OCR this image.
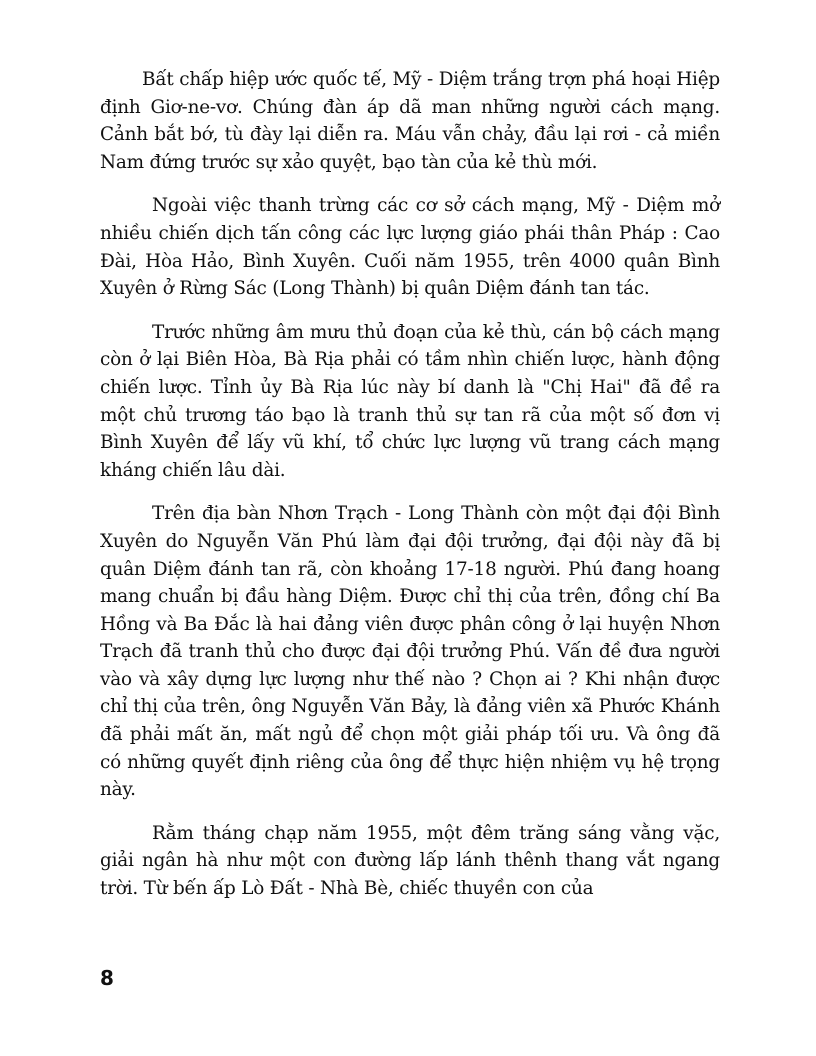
Bất chấp hiệp ước quốc tế, Mỹ - Diệm trắng trợn phá hoại Hiệp định Giơ-ne-vơ. Chúng đàn áp dã man những người cách mạng. Cảnh bắt bớ, tù đày lại diễn ra. Máu vẫn chảy, đầu lại rơi - cả miền Nam đứng trước sự xảo quyệt, bạo tàn của kẻ thù mới.

Ngoài việc thanh trừng các cơ sở cách mạng, Mỹ - Diệm mở nhiều chiến dịch tấn công các lực lượng giáo phái thân Pháp : Cao Đài, Hòa Hảo, Bình Xuyên. Cuối năm 1955, trên 4000 quân Bình Xuyên ở Rừng Sác (Long Thành) bị quân Diệm đánh tan tác.

Trước những âm mưu thủ đoạn của kẻ thù, cán bộ cách mạng còn ở lại Biên Hòa, Bà Rịa phải có tầm nhìn chiến lược, hành động chiến lược. Tỉnh ủy Bà Rịa lúc này bí danh là "Chị Hai" đã đề ra một chủ trương táo bạo là tranh thủ sự tan rã của một số đơn vị Bình Xuyên để lấy vũ khí, tổ chức lực lượng vũ trang cách mạng kháng chiến lâu dài.

Trên địa bàn Nhơn Trạch - Long Thành còn một đại đội Bình Xuyên do Nguyễn Văn Phú làm đại đội trưởng, đại đội này đã bị quân Diệm đánh tan rã, còn khoảng 17-18 người. Phú đang hoang mang chuẩn bị đầu hàng Diệm. Được chỉ thị của trên, đồng chí Ba Hồng và Ba Đắc là hai đảng viên được phân công ở lại huyện Nhơn Trạch đã tranh thủ cho được đại đội trưởng Phú. Vấn đề đưa người vào và xây dựng lực lượng như thế nào ? Chọn ai ? Khi nhận được chỉ thị của trên, ông Nguyễn Văn Bảy, là đảng viên xã Phước Khánh đã phải mất ăn, mất ngủ để chọn một giải pháp tối ưu. Và ông đã có những quyết định riêng của ông để thực hiện nhiệm vụ hệ trọng này.

Rằm tháng chạp năm 1955, một đêm trăng sáng vằng vặc, giải ngân hà như một con đường lấp lánh thênh thang vắt ngang trời. Từ bến ấp Lò Đất - Nhà Bè, chiếc thuyền con của

8
